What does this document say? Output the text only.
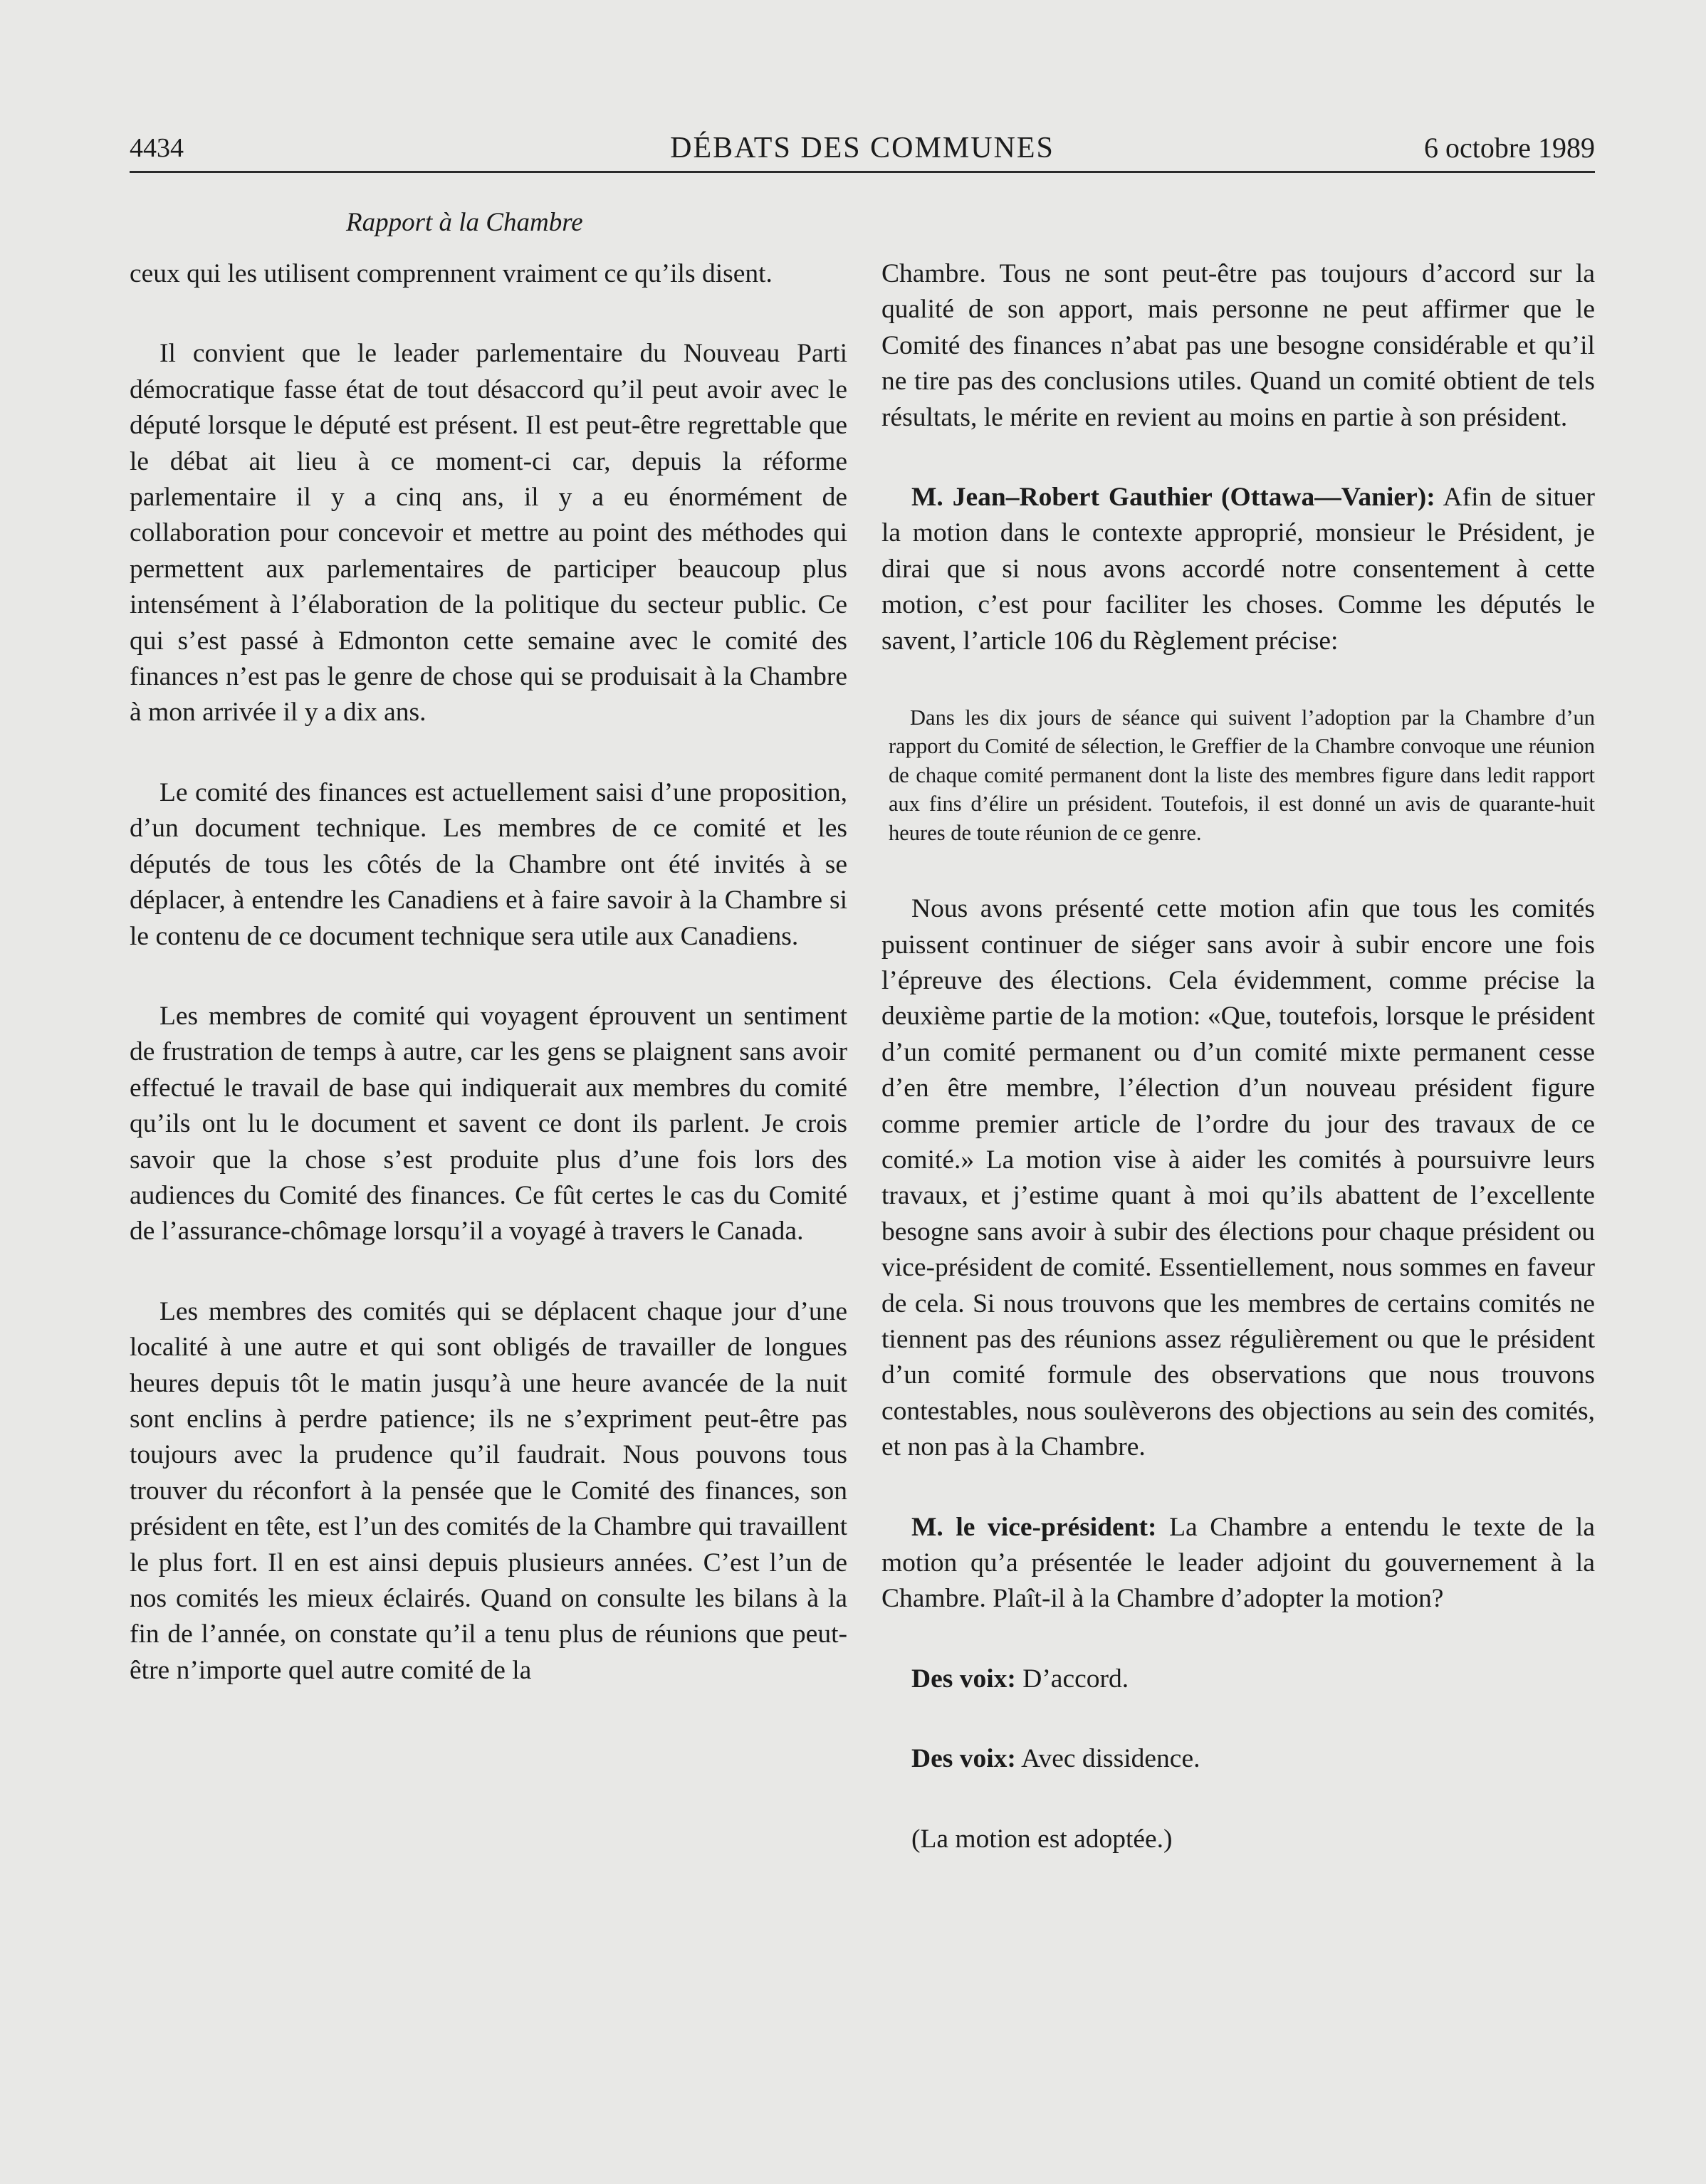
4434	DÉBATS DES COMMUNES	6 octobre 1989
Rapport à la Chambre

ceux qui les utilisent comprennent vraiment ce qu’ils disent.

Il convient que le leader parlementaire du Nouveau Parti démocratique fasse état de tout désaccord qu’il peut avoir avec le député lorsque le député est présent. Il est peut-être regrettable que le débat ait lieu à ce moment-ci car, depuis la réforme parlementaire il y a cinq ans, il y a eu énormément de collaboration pour concevoir et mettre au point des méthodes qui permettent aux parlementaires de participer beaucoup plus intensément à l’élaboration de la politique du secteur public. Ce qui s’est passé à Edmonton cette semaine avec le comité des finances n’est pas le genre de chose qui se produisait à la Chambre à mon arrivée il y a dix ans.

Le comité des finances est actuellement saisi d’une proposition, d’un document technique. Les membres de ce comité et les députés de tous les côtés de la Chambre ont été invités à se déplacer, à entendre les Canadiens et à faire savoir à la Chambre si le contenu de ce document technique sera utile aux Canadiens.

Les membres de comité qui voyagent éprouvent un sentiment de frustration de temps à autre, car les gens se plaignent sans avoir effectué le travail de base qui indiquerait aux membres du comité qu’ils ont lu le document et savent ce dont ils parlent. Je crois savoir que la chose s’est produite plus d’une fois lors des audiences du Comité des finances. Ce fût certes le cas du Comité de l’assurance-chômage lorsqu’il a voyagé à travers le Canada.

Les membres des comités qui se déplacent chaque jour d’une localité à une autre et qui sont obligés de travailler de longues heures depuis tôt le matin jusqu’à une heure avancée de la nuit sont enclins à perdre patience; ils ne s’expriment peut-être pas toujours avec la prudence qu’il faudrait. Nous pouvons tous trouver du réconfort à la pensée que le Comité des finances, son président en tête, est l’un des comités de la Chambre qui travaillent le plus fort. Il en est ainsi depuis plusieurs années. C’est l’un de nos comités les mieux éclairés. Quand on consulte les bilans à la fin de l’année, on constate qu’il a tenu plus de réunions que peut-être n’importe quel autre comité de la

Chambre. Tous ne sont peut-être pas toujours d’accord sur la qualité de son apport, mais personne ne peut affirmer que le Comité des finances n’abat pas une besogne considérable et qu’il ne tire pas des conclusions utiles. Quand un comité obtient de tels résultats, le mérite en revient au moins en partie à son président.

M. Jean–Robert Gauthier (Ottawa—Vanier): Afin de situer la motion dans le contexte approprié, monsieur le Président, je dirai que si nous avons accordé notre consentement à cette motion, c’est pour faciliter les choses. Comme les députés le savent, l’article 106 du Règlement précise:

Dans les dix jours de séance qui suivent l’adoption par la Chambre d’un rapport du Comité de sélection, le Greffier de la Chambre convoque une réunion de chaque comité permanent dont la liste des membres figure dans ledit rapport aux fins d’élire un président. Toutefois, il est donné un avis de quarante-huit heures de toute réunion de ce genre.

Nous avons présenté cette motion afin que tous les comités puissent continuer de siéger sans avoir à subir encore une fois l’épreuve des élections. Cela évidemment, comme précise la deuxième partie de la motion: «Que, toutefois, lorsque le président d’un comité permanent ou d’un comité mixte permanent cesse d’en être membre, l’élection d’un nouveau président figure comme premier article de l’ordre du jour des travaux de ce comité.» La motion vise à aider les comités à poursuivre leurs travaux, et j’estime quant à moi qu’ils abattent de l’excellente besogne sans avoir à subir des élections pour chaque président ou vice-président de comité. Essentiellement, nous sommes en faveur de cela. Si nous trouvons que les membres de certains comités ne tiennent pas des réunions assez régulièrement ou que le président d’un comité formule des observations que nous trouvons contestables, nous soulèverons des objections au sein des comités, et non pas à la Chambre.

M. le vice-président: La Chambre a entendu le texte de la motion qu’a présentée le leader adjoint du gouvernement à la Chambre. Plaît-il à la Chambre d’adopter la motion?

Des voix: D’accord.

Des voix: Avec dissidence.

(La motion est adoptée.)
